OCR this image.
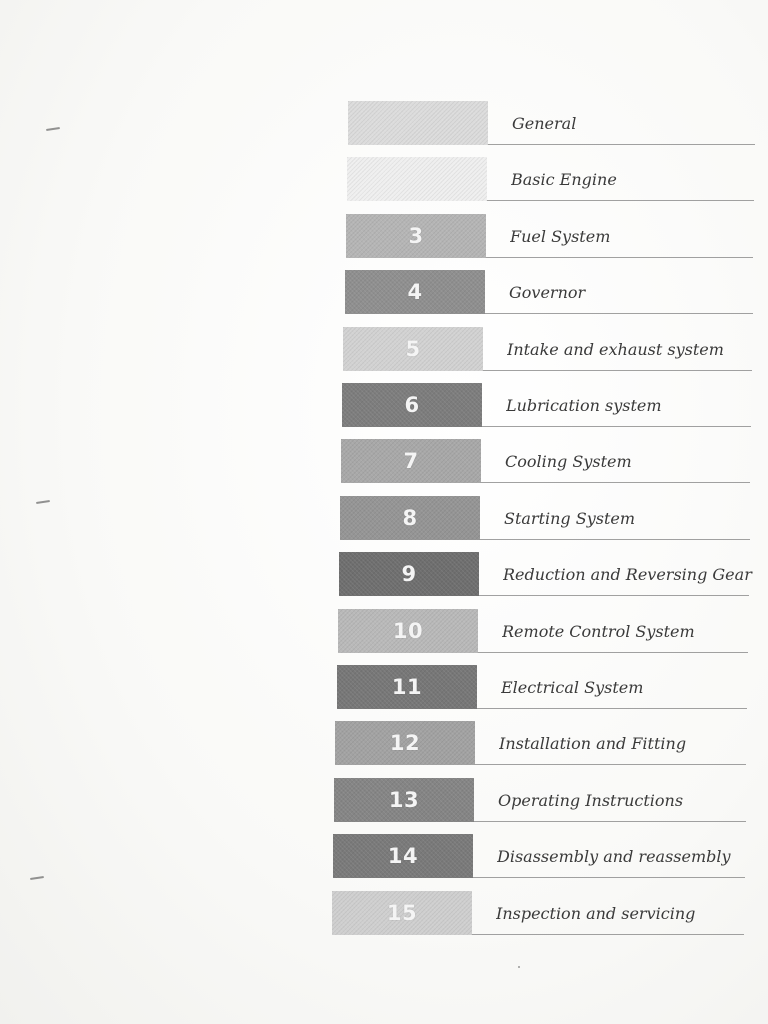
General
Basic Engine
3	Fuel System
4	Governor
5	Intake and exhaust system
6	Lubrication system
7	Cooling System
8	Starting System
9	Reduction and Reversing Gear
10	Remote Control System
11	Electrical System
12	Installation and Fitting
13	Operating Instructions
14	Disassembly and reassembly
15	Inspection and servicing
